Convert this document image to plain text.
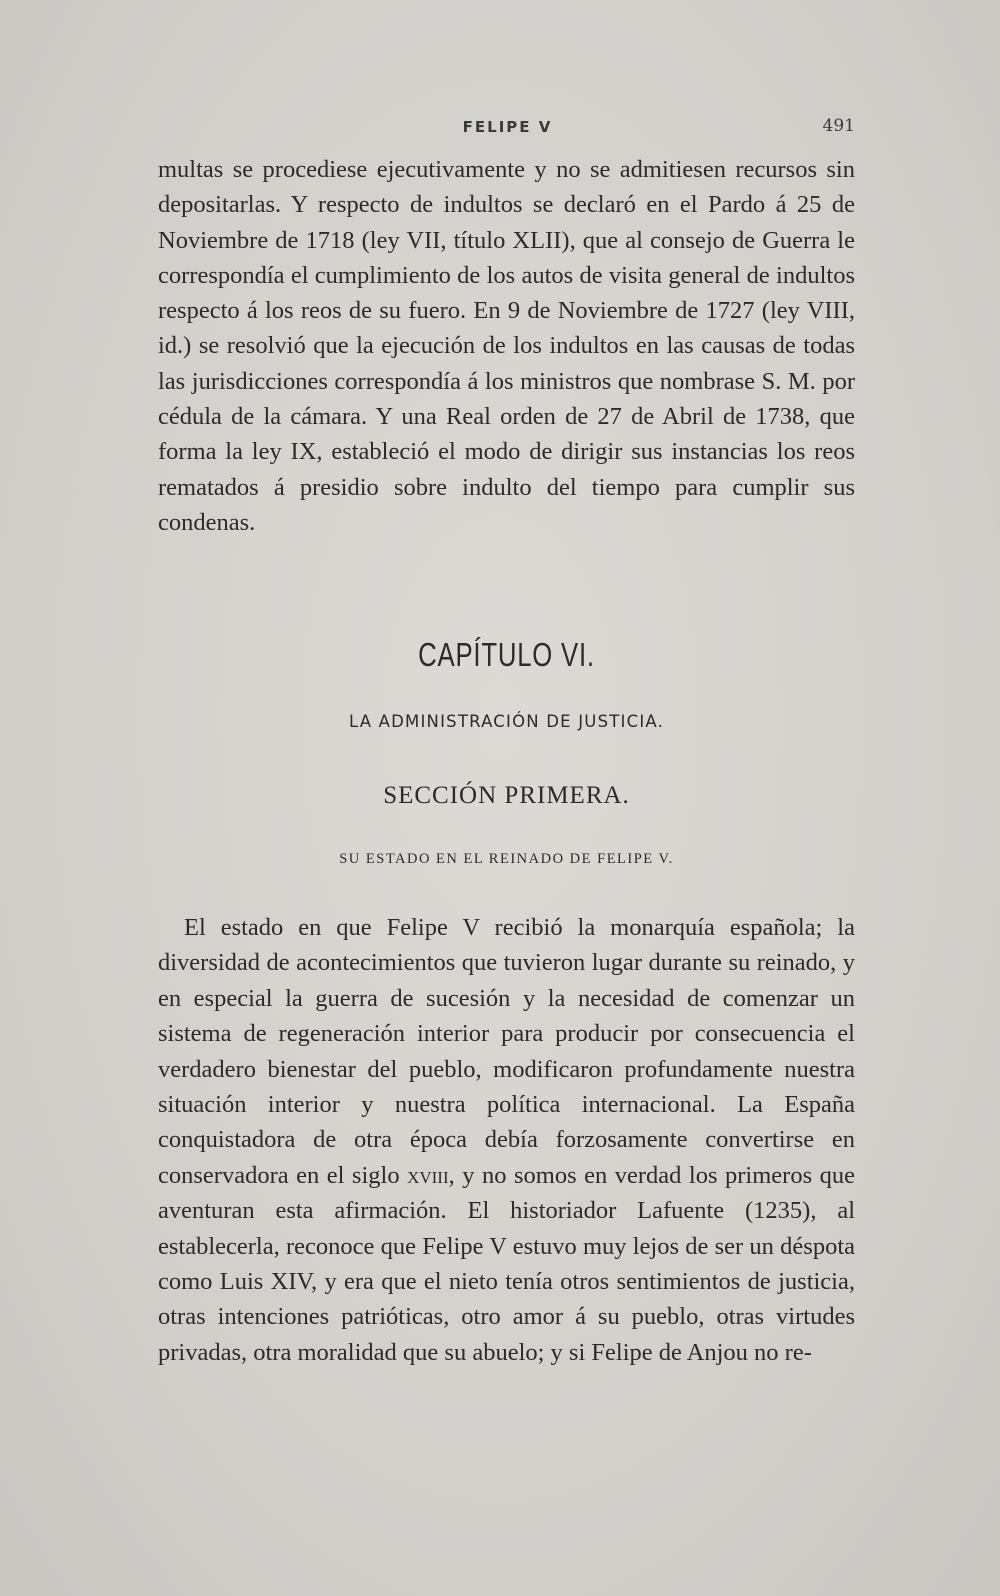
FELIPE V	491

multas se procediese ejecutivamente y no se admitiesen recursos sin depositarlas. Y respecto de indultos se declaró en el Pardo á 25 de Noviembre de 1718 (ley VII, título XLII), que al consejo de Guerra le correspondía el cumplimiento de los autos de visita general de indultos respecto á los reos de su fuero. En 9 de Noviembre de 1727 (ley VIII, id.) se resolvió que la ejecución de los indultos en las causas de todas las jurisdicciones correspondía á los ministros que nombrase S. M. por cédula de la cámara. Y una Real orden de 27 de Abril de 1738, que forma la ley IX, estableció el modo de dirigir sus instancias los reos rematados á presidio sobre indulto del tiempo para cumplir sus condenas.

CAPÍTULO VI.
LA ADMINISTRACIÓN DE JUSTICIA.
SECCIÓN PRIMERA.
SU ESTADO EN EL REINADO DE FELIPE V.

El estado en que Felipe V recibió la monarquía española; la diversidad de acontecimientos que tuvieron lugar durante su reinado, y en especial la guerra de sucesión y la necesidad de comenzar un sistema de regeneración interior para producir por consecuencia el verdadero bienestar del pueblo, modificaron profundamente nuestra situación interior y nuestra política internacional. La España conquistadora de otra época debía forzosamente convertirse en conservadora en el siglo xviii, y no somos en verdad los primeros que aventuran esta afirmación. El historiador Lafuente (1235), al establecerla, reconoce que Felipe V estuvo muy lejos de ser un déspota como Luis XIV, y era que el nieto tenía otros sentimientos de justicia, otras intenciones patrióticas, otro amor á su pueblo, otras virtudes privadas, otra moralidad que su abuelo; y si Felipe de Anjou no re-
